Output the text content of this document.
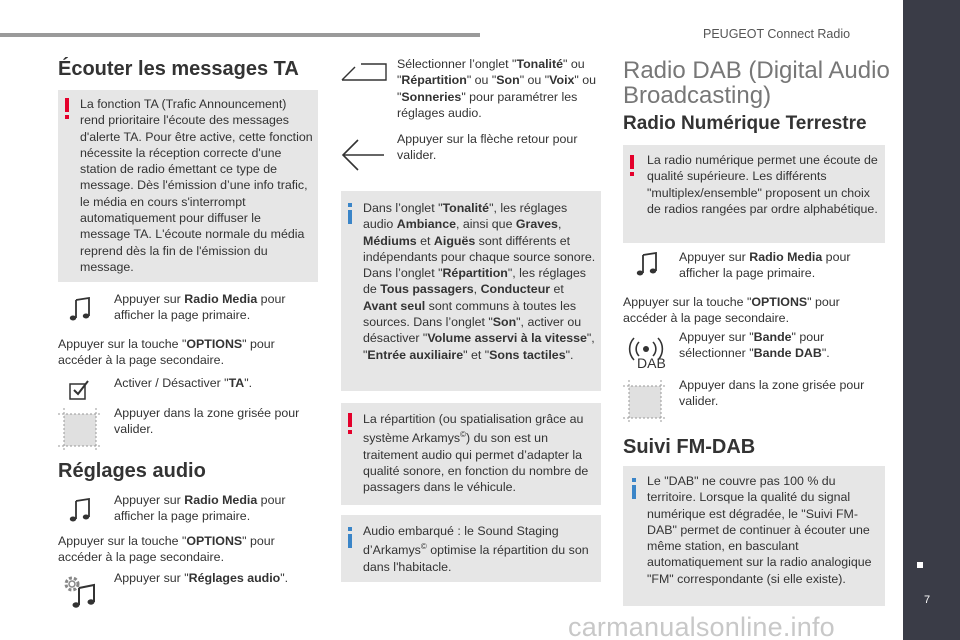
PEUGEOT Connect Radio
7
Écouter les messages TA
La fonction TA (Trafic Announcement) rend prioritaire l'écoute des messages d'alerte TA. Pour être active, cette fonction nécessite la réception correcte d'une station de radio émettant ce type de message. Dès l'émission d’une info trafic, le média en cours s'interrompt automatiquement pour diffuser le message TA. L'écoute normale du média reprend dès la fin de l'émission du message.
Appuyer sur Radio Media pour afficher la page primaire.
Appuyer sur la touche "OPTIONS" pour accéder à la page secondaire.
Activer / Désactiver "TA".
Appuyer dans la zone grisée pour valider.
Réglages audio
Appuyer sur Radio Media pour afficher la page primaire.
Appuyer sur la touche "OPTIONS" pour accéder à la page secondaire.
Appuyer sur "Réglages audio".
Sélectionner l’onglet "Tonalité" ou "Répartition" ou "Son" ou "Voix" ou "Sonneries" pour paramétrer les réglages audio.
Appuyer sur la flèche retour pour valider.
Dans l’onglet "Tonalité", les réglages audio Ambiance, ainsi que Graves, Médiums et Aiguës sont différents et indépendants pour chaque source sonore. Dans l’onglet "Répartition", les réglages de Tous passagers, Conducteur et Avant seul sont communs à toutes les sources. Dans l’onglet "Son", activer ou désactiver "Volume asservi à la vitesse", "Entrée auxiliaire" et "Sons tactiles".
La répartition (ou spatialisation grâce au système Arkamys©) du son est un traitement audio qui permet d’adapter la qualité sonore, en fonction du nombre de passagers dans le véhicule.
Audio embarqué : le Sound Staging d’Arkamys© optimise la répartition du son dans l'habitacle.
Radio DAB (Digital Audio Broadcasting)
Radio Numérique Terrestre
La radio numérique permet une écoute de qualité supérieure. Les différents "multiplex/ensemble" proposent un choix de radios rangées par ordre alphabétique.
Appuyer sur Radio Media pour afficher la page primaire.
Appuyer sur la touche "OPTIONS" pour accéder à la page secondaire.
DAB
Appuyer sur "Bande" pour sélectionner "Bande DAB".
Appuyer dans la zone grisée pour valider.
Suivi FM-DAB
Le "DAB" ne couvre pas 100 % du territoire. Lorsque la qualité du signal numérique est dégradée, le "Suivi FM-DAB" permet de continuer à écouter une même station, en basculant automatiquement sur la radio analogique "FM" correspondante (si elle existe).
carmanualsonline.info
